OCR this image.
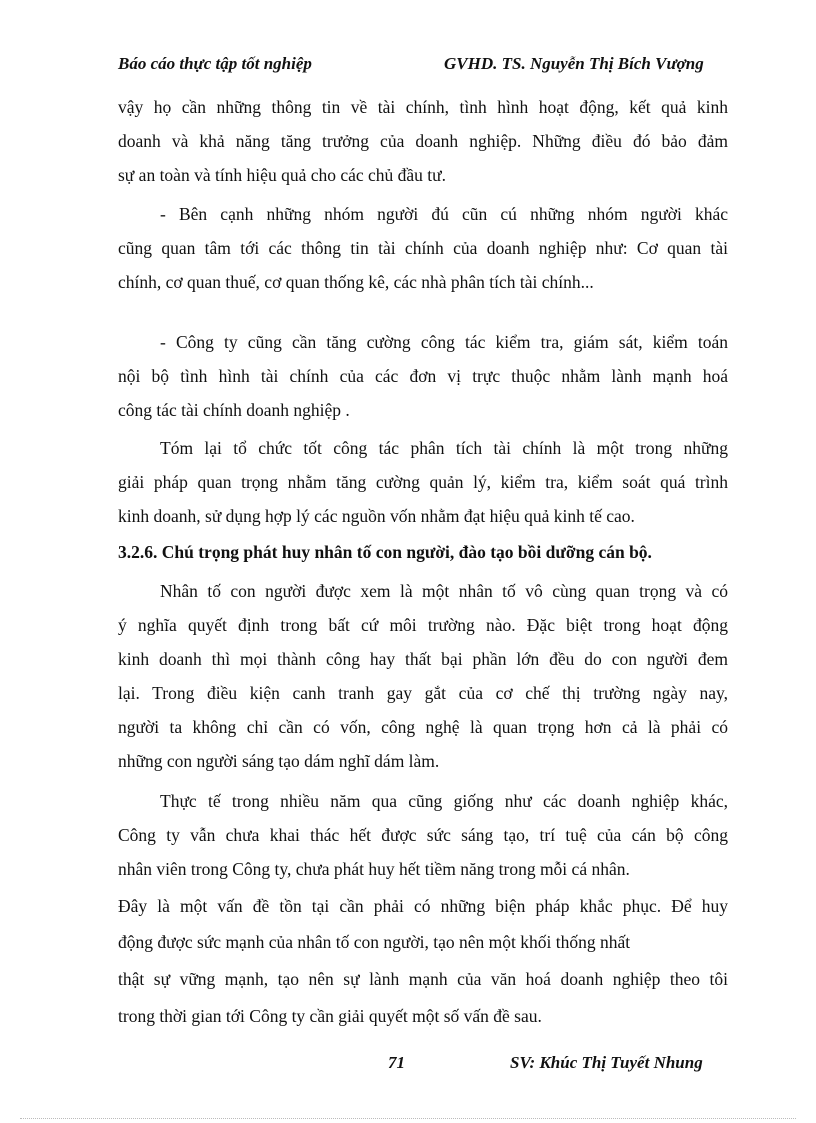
Báo cáo thực tập tốt nghiệp	GVHD. TS. Nguyễn Thị Bích Vượng
vậy họ cần những thông tin về tài chính, tình hình hoạt động, kết quả kinh
doanh và khả năng tăng trưởng của doanh nghiệp. Những điều đó bảo đảm
sự an toàn và tính hiệu quả cho các chủ đầu tư.
- Bên cạnh những nhóm người đú cũn cú những nhóm người khác
cũng quan tâm tới các thông tin tài chính của doanh nghiệp như: Cơ quan tài
chính, cơ quan thuế, cơ quan thống kê, các nhà phân tích tài chính...
- Công ty cũng cần tăng cường công tác kiểm tra, giám sát, kiểm toán
nội bộ tình hình tài chính của các đơn vị trực thuộc nhằm lành mạnh hoá
công tác tài chính doanh nghiệp .
Tóm lại tổ chức tốt công tác phân tích tài chính là một trong những
giải pháp quan trọng nhằm tăng cường quản lý, kiểm tra, kiểm soát quá trình
kinh doanh, sử dụng hợp lý các nguồn vốn nhằm đạt hiệu quả kinh tế cao.
3.2.6. Chú trọng phát huy nhân tố con người, đào tạo bồi dưỡng cán bộ.
Nhân tố con người được xem là một nhân tố vô cùng quan trọng và có
ý nghĩa quyết định trong bất cứ môi trường nào. Đặc biệt trong hoạt động
kinh doanh thì mọi thành công hay thất bại phần lớn đều do con người đem
lại. Trong điều kiện canh tranh gay gắt của cơ chế thị trường ngày nay,
người ta không chỉ cần có vốn, công nghệ là quan trọng hơn cả là phải có
những con người sáng tạo dám nghĩ dám làm.
Thực tế trong nhiều năm qua cũng giống như các doanh nghiệp khác,
Công ty vẫn chưa khai thác hết được sức sáng tạo, trí tuệ của cán bộ công
nhân viên trong Công ty, chưa phát huy hết tiềm năng trong mỗi cá nhân.
Đây là một vấn đề tồn tại cần phải có những biện pháp khắc phục. Để huy
động được sức mạnh của nhân tố con người, tạo nên một khối thống nhất
thật sự vững mạnh, tạo nên sự lành mạnh của văn hoá doanh nghiệp theo tôi
trong thời gian tới Công ty cần giải quyết một số vấn đề sau.
71	SV: Khúc Thị Tuyết Nhung
